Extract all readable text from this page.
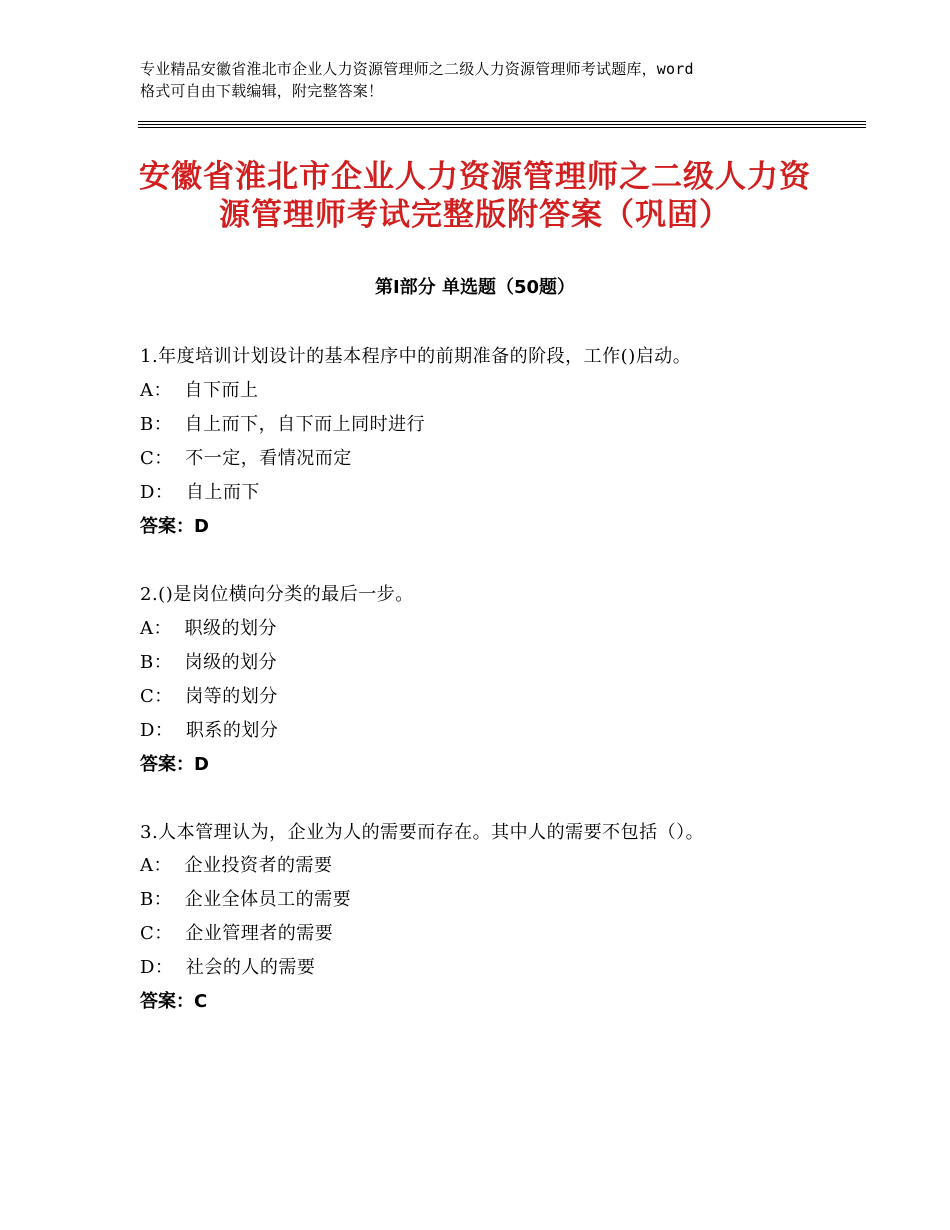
专业精品安徽省淮北市企业人力资源管理师之二级人力资源管理师考试题库，word
格式可自由下载编辑，附完整答案！
安徽省淮北市企业人力资源管理师之二级人力资源管理师考试完整版附答案（巩固）
第Ⅰ部分 单选题（50题）

1.年度培训计划设计的基本程序中的前期准备的阶段，工作()启动。

A：  自下而上

B：  自上而下，自下而上同时进行

C：  不一定，看情况而定

D：  自上而下

答案：D

2.()是岗位横向分类的最后一步。

A：  职级的划分

B：  岗级的划分

C：  岗等的划分

D：  职系的划分

答案：D

3.人本管理认为，企业为人的需要而存在。其中人的需要不包括（）。

A：  企业投资者的需要

B：  企业全体员工的需要

C：  企业管理者的需要

D：  社会的人的需要

答案：C
